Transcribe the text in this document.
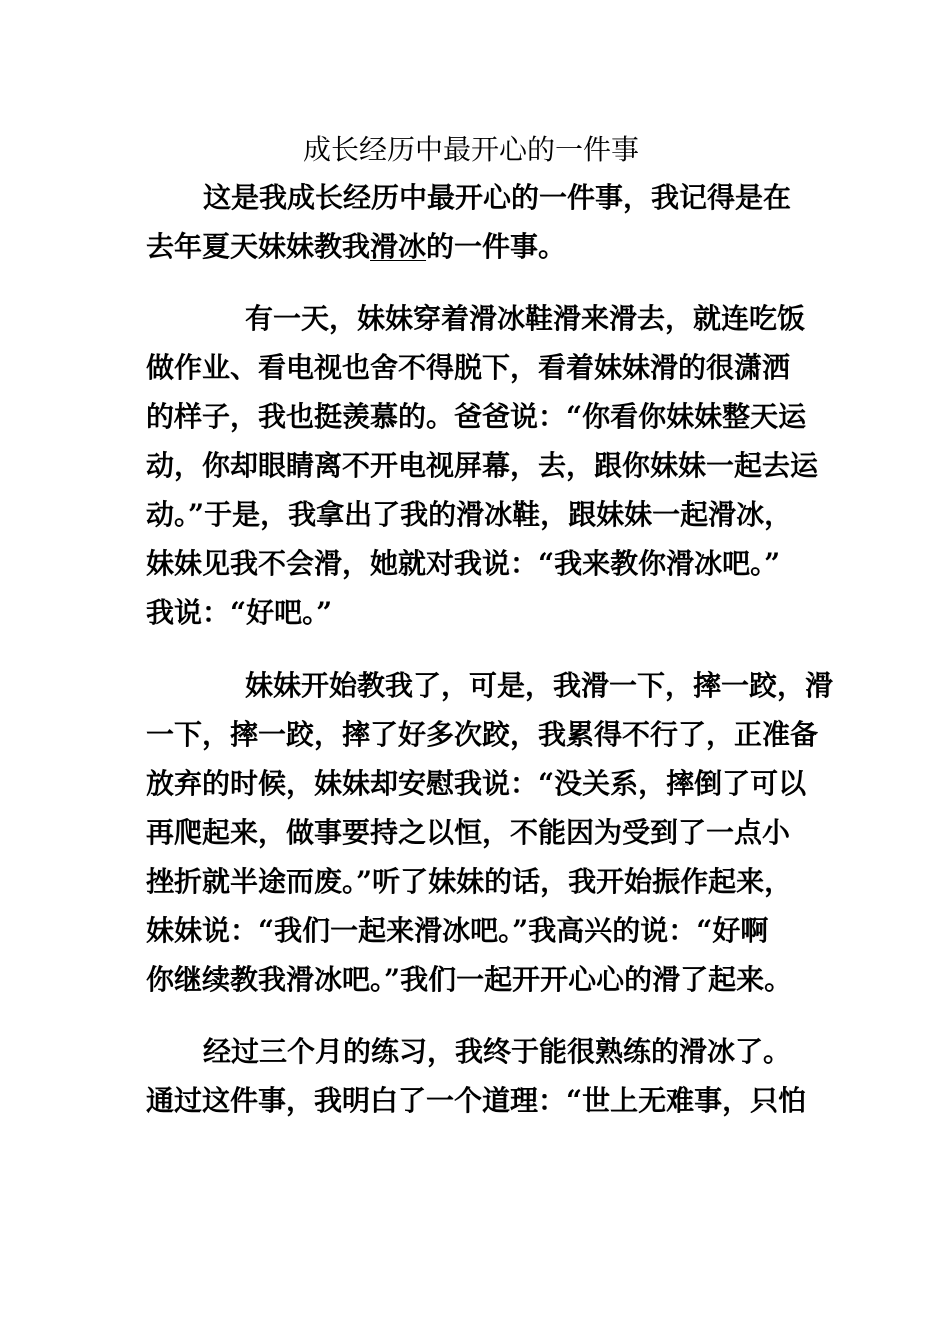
成长经历中最开心的一件事

这是我成长经历中最开心的一件事，我记得是在

去年夏天妹妹教我滑冰的一件事。

有一天，妹妹穿着滑冰鞋滑来滑去，就连吃饭

做作业、看电视也舍不得脱下，看着妹妹滑的很潇洒

的样子，我也挺羡慕的。爸爸说：“你看你妹妹整天运

动，你却眼睛离不开电视屏幕，去，跟你妹妹一起去运

动。”于是，我拿出了我的滑冰鞋，跟妹妹一起滑冰，

妹妹见我不会滑，她就对我说：“我来教你滑冰吧。”

我说：“好吧。”

妹妹开始教我了，可是，我滑一下，摔一跤，滑

一下，摔一跤，摔了好多次跤，我累得不行了，正准备

放弃的时候，妹妹却安慰我说：“没关系，摔倒了可以

再爬起来，做事要持之以恒，不能因为受到了一点小

挫折就半途而废。”听了妹妹的话，我开始振作起来，

妹妹说：“我们一起来滑冰吧。”我高兴的说：“好啊

你继续教我滑冰吧。”我们一起开开心心的滑了起来。

经过三个月的练习，我终于能很熟练的滑冰了。

通过这件事，我明白了一个道理：“世上无难事，只怕
